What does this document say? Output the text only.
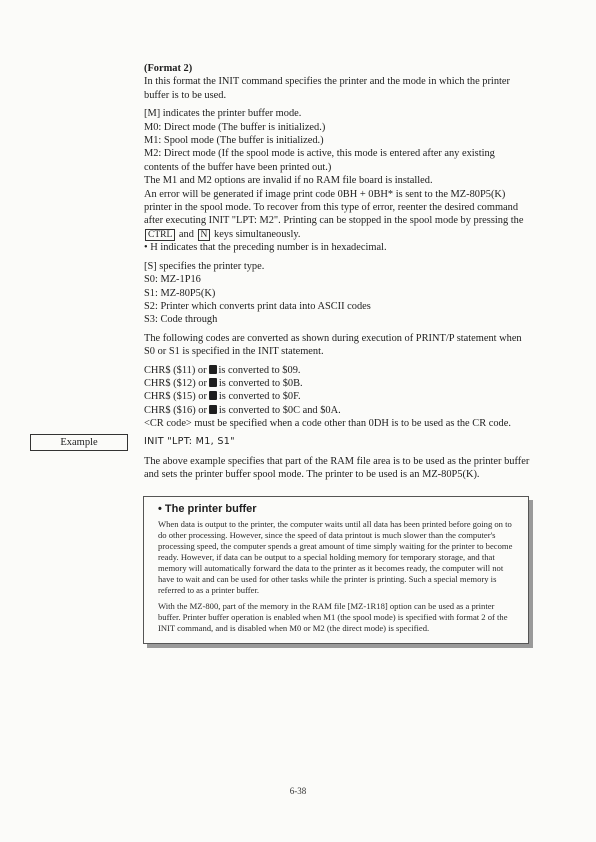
(Format 2)
In this format the INIT command specifies the printer and the mode in which the printer buffer is to be used.
[M] indicates the printer buffer mode.
M0: Direct mode (The buffer is initialized.)
M1: Spool mode (The buffer is initialized.)
M2: Direct mode (If the spool mode is active, this mode is entered after any existing contents of the buffer have been printed out.)
The M1 and M2 options are invalid if no RAM file board is installed.
An error will be generated if image print code 0BH + 0BH* is sent to the MZ-80P5(K) printer in the spool mode. To recover from this type of error, reenter the desired command after executing INIT "LPT: M2". Printing can be stopped in the spool mode by pressing the CTRL and N keys simultaneously.
• H indicates that the preceding number is in hexadecimal.
[S] specifies the printer type.
S0: MZ-1P16
S1: MZ-80P5(K)
S2: Printer which converts print data into ASCII codes
S3: Code through
The following codes are converted as shown during execution of PRINT/P statement when S0 or S1 is specified in the INIT statement.
CHR$ ($11) or is converted to $09.
CHR$ ($12) or is converted to $0B.
CHR$ ($15) or is converted to $0F.
CHR$ ($16) or is converted to $0C and $0A.
<CR code> must be specified when a code other than 0DH is to be used as the CR code.
Example	INIT "LPT: M1, S1"
The above example specifies that part of the RAM file area is to be used as the printer buffer and sets the printer buffer spool mode. The printer to be used is an MZ-80P5(K).
• The printer buffer

When data is output to the printer, the computer waits until all data has been printed before going on to do other processing. However, since the speed of data printout is much slower than the computer's processing speed, the computer spends a great amount of time simply waiting for the printer to become ready. However, if data can be output to a special holding memory for temporary storage, and that memory will automatically forward the data to the printer as it becomes ready, the computer will not have to wait and can be used for other tasks while the printer is printing. Such a special memory is referred to as a printer buffer.

With the MZ-800, part of the memory in the RAM file [MZ-1R18] option can be used as a printer buffer. Printer buffer operation is enabled when M1 (the spool mode) is specified with format 2 of the INIT command, and is disabled when M0 or M2 (the direct mode) is specified.

6-38
